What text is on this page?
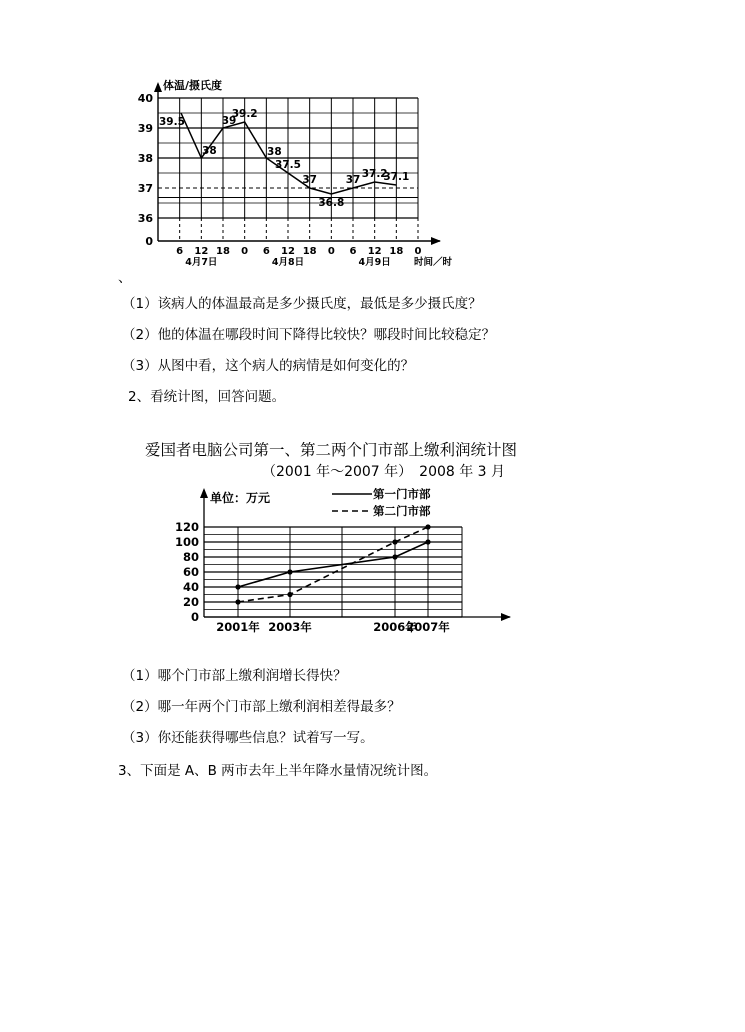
体温/摄氏度
0
36
37
38
39
40
6 12 18 0 6 12 18 0 6 12 18 0
4月7日	4月8日	4月9日 时间／时
39.5
38
39
39.2
38
37.5
37
36.8
37 37.2
37.1
、
（1）该病人的体温最高是多少摄氏度，最低是多少摄氏度？
（2）他的体温在哪段时间下降得比较快？哪段时间比较稳定？
（3）从图中看，这个病人的病情是如何变化的？
2、看统计图，回答问题。
爱国者电脑公司第一、第二两个门市部上缴利润统计图
（2001 年～2007 年）　2008 年 3 月
单位：万元	第一门市部
第二门市部
0
20
40
60
80
100
120
2001年 2003年	2006年
2007年
（1）哪个门市部上缴利润增长得快？
（2）哪一年两个门市部上缴利润相差得最多？
（3）你还能获得哪些信息？试着写一写。
3、下面是 A、B 两市去年上半年降水量情况统计图。
